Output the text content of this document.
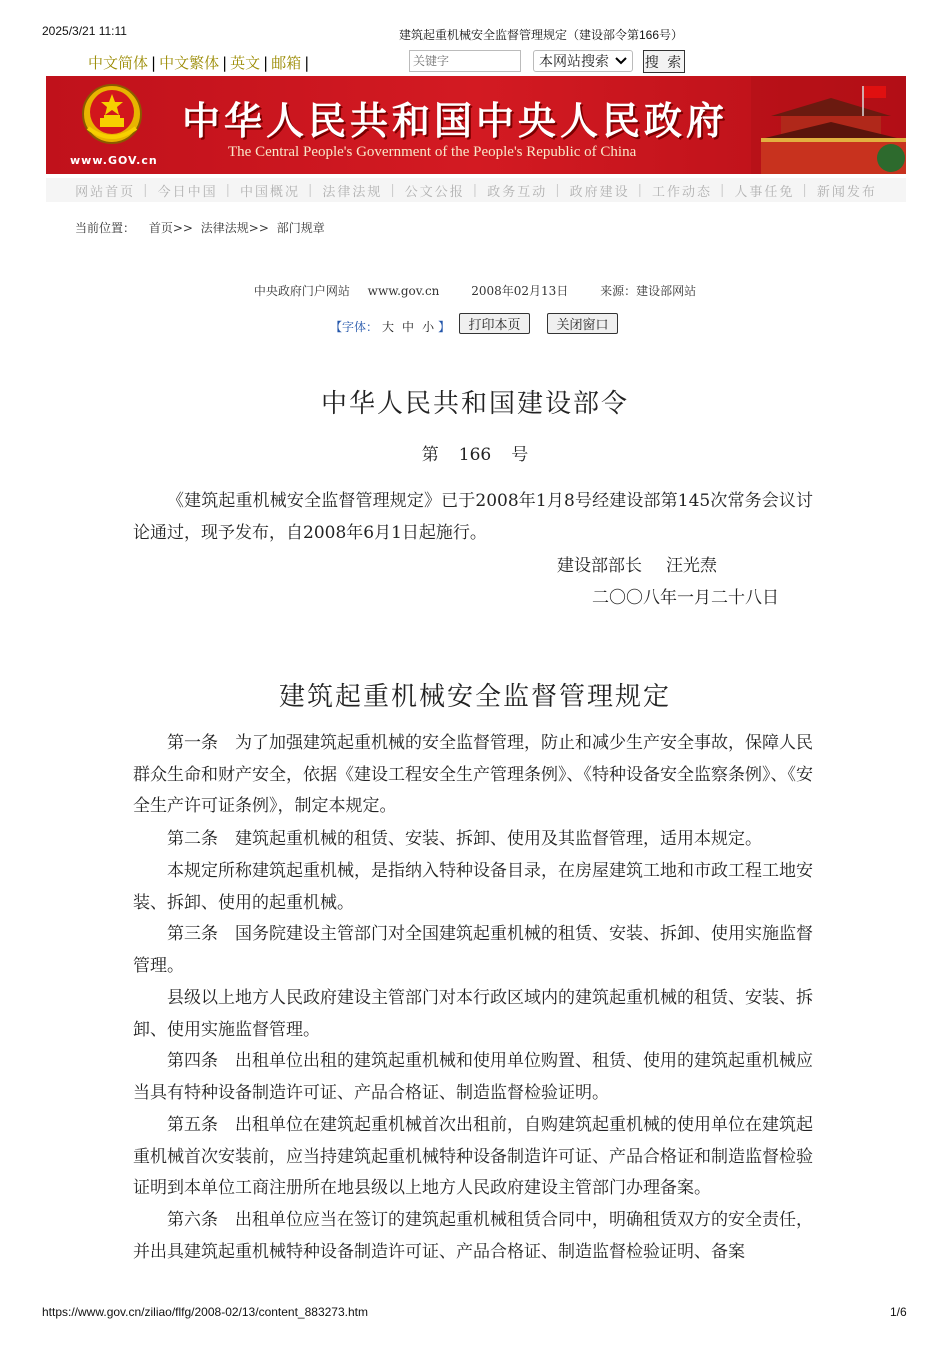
2025/3/21 11:11	建筑起重机械安全监督管理规定（建设部令第166号）
中文简体 | 中文繁体 | 英文 | 邮箱 |
关键字	本网站搜索	搜 索
www.GOV.cn
中华人民共和国中央人民政府
The Central People's Government of the People's Republic of China
网站首页 | 今日中国 | 中国概况 | 法律法规 | 公文公报 | 政务互动 | 政府建设 | 工作动态 | 人事任免 | 新闻发布
当前位置： 首页>> 法律法规>> 部门规章
中央政府门户网站 www.gov.cn	2008年02月13日	来源：建设部网站
【字体： 大 中 小 】	打印本页	关闭窗口
中华人民共和国建设部令
第 166 号
《建筑起重机械安全监督管理规定》已于2008年1月8号经建设部第145次常务会议讨论通过，现予发布，自2008年6月1日起施行。
建设部部长 汪光焘
二〇〇八年一月二十八日
建筑起重机械安全监督管理规定
第一条　为了加强建筑起重机械的安全监督管理，防止和减少生产安全事故，保障人民群众生命和财产安全，依据《建设工程安全生产管理条例》、《特种设备安全监察条例》、《安全生产许可证条例》，制定本规定。
第二条　建筑起重机械的租赁、安装、拆卸、使用及其监督管理，适用本规定。
本规定所称建筑起重机械，是指纳入特种设备目录，在房屋建筑工地和市政工程工地安装、拆卸、使用的起重机械。
第三条　国务院建设主管部门对全国建筑起重机械的租赁、安装、拆卸、使用实施监督管理。
县级以上地方人民政府建设主管部门对本行政区域内的建筑起重机械的租赁、安装、拆卸、使用实施监督管理。
第四条　出租单位出租的建筑起重机械和使用单位购置、租赁、使用的建筑起重机械应当具有特种设备制造许可证、产品合格证、制造监督检验证明。
第五条　出租单位在建筑起重机械首次出租前，自购建筑起重机械的使用单位在建筑起重机械首次安装前，应当持建筑起重机械特种设备制造许可证、产品合格证和制造监督检验证明到本单位工商注册所在地县级以上地方人民政府建设主管部门办理备案。
第六条　出租单位应当在签订的建筑起重机械租赁合同中，明确租赁双方的安全责任，并出具建筑起重机械特种设备制造许可证、产品合格证、制造监督检验证明、备案
https://www.gov.cn/ziliao/flfg/2008-02/13/content_883273.htm	1/6
